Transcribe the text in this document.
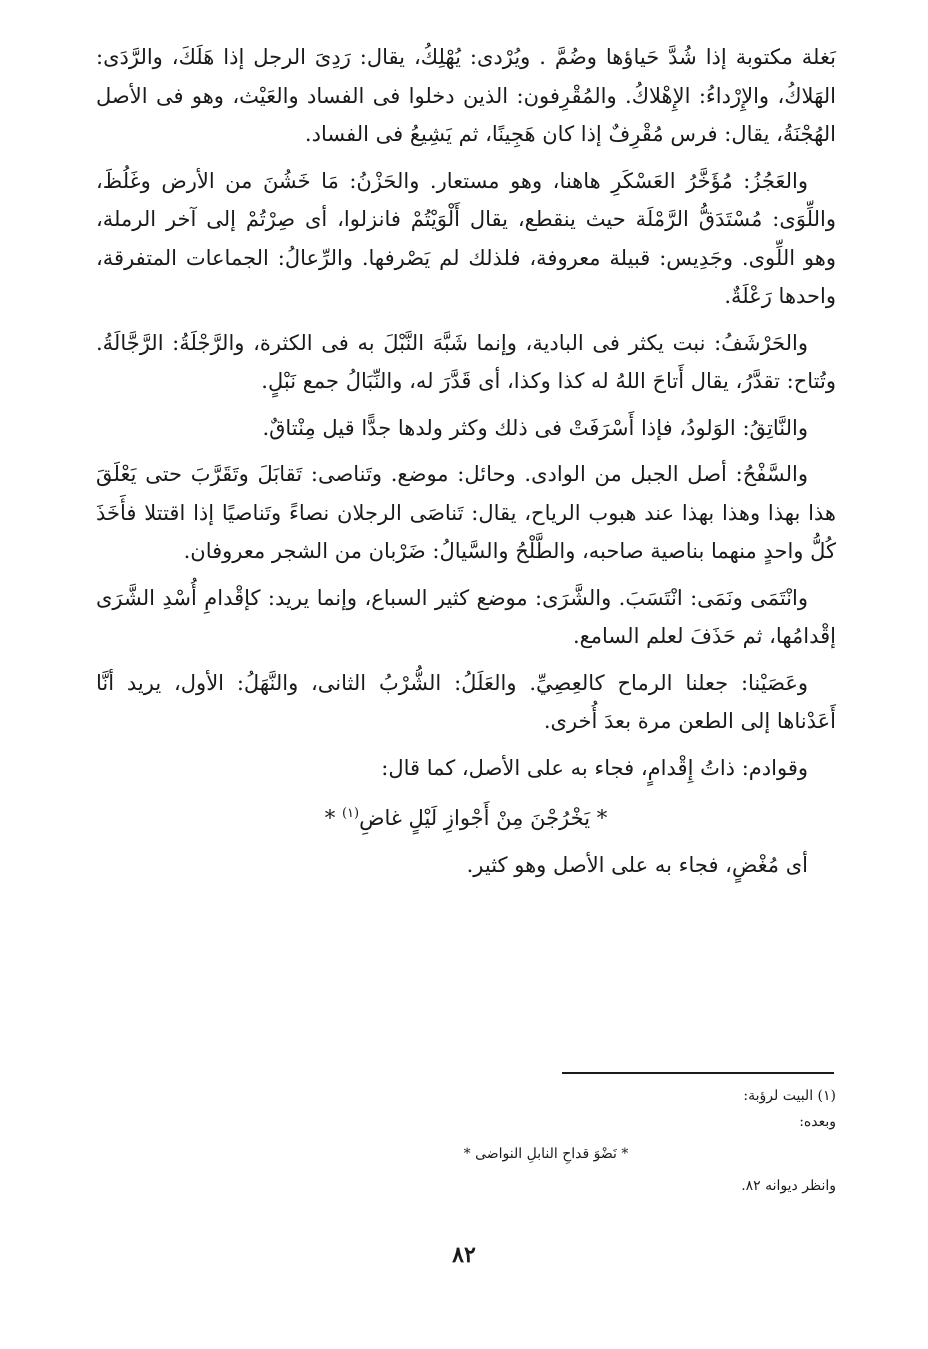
بَغلة مكتوبة إذا شُدَّ حَياؤها وضُمَّ . ويُرْدى: يُهْلِكُ، يقال: رَدِىَ الرجل إذا هَلَكَ، والرَّدَى: الهَلاكُ، والإِرْداءُ: الإِهْلاكُ. والمُقْرِفون: الذين دخلوا فى الفساد والعَيْث، وهو فى الأصل الهُجْنَةُ، يقال: فرس مُقْرِفٌ إذا كان هَجِينًا، ثم يَشِيعُ فى الفساد.

والعَجُزُ: مُؤَخَّرُ العَسْكَرِ هاهنا، وهو مستعار. والحَزْنُ: مَا خَشُنَ من الأرض وغَلُظَ، واللِّوَى: مُسْتَدَقُّ الرَّمْلَة حيث ينقطع، يقال أَلْوَيْتُمْ فانزلوا، أى صِرْتُمْ إلى آخر الرملة، وهو اللِّوى. وجَدِيس: قبيلة معروفة، فلذلك لم يَصْرفها. والرِّعالُ: الجماعات المتفرقة، واحدها رَعْلَةٌ.

والحَرْشَفُ: نبت يكثر فى البادية، وإنما شَبَّهَ النَّبْلَ به فى الكثرة، والرَّجْلَةُ: الرَّجَّالَةُ. وتُتاح: تقدَّرُ، يقال أَتاحَ اللهُ له كذا وكذا، أى قَدَّرَ له، والنِّبَالُ جمع نَبْلٍ.

والنَّاتِقُ: الوَلودُ، فإذا أَسْرَفَتْ فى ذلك وكثر ولدها جدًّا قيل مِنْتاقٌ.

والسَّفْحُ: أصل الجبل من الوادى. وحائل: موضع. وتَناصى: تَقابَلَ وتَقَرَّبَ حتى يَعْلَقَ هذا بهذا وهذا بهذا عند هبوب الرياح، يقال: تَناصَى الرجلان نصاءً وتَناصيًا إذا اقتتلا فأَخَذَ كُلُّ واحدٍ منهما بناصية صاحبه، والطَّلْحُ والسَّيالُ: ضَرْبان من الشجر معروفان.

وانْتَمَى ونَمَى: انْتَسَبَ. والشَّرَى: موضع كثير السباع، وإنما يريد: كإقْدامِ أُسْدِ الشَّرَى إقْدامُها، ثم حَذَفَ لعلم السامع.

وعَصَيْنا: جعلنا الرماح كالعِصِيِّ. والعَلَلُ: الشُّرْبُ الثانى، والنَّهَلُ: الأول، يريد أنَّا أَعَدْناها إلى الطعن مرة بعدَ أُخرى.

وقوادم: ذاتُ إِقْدامٍ، فجاء به على الأصل، كما قال:

* يَخْرُجْنَ مِنْ أَجْوازِ لَيْلٍ غاضِ$^{(١)}$ *

أى مُغْضٍ، فجاء به على الأصل وهو كثير.

(١) البيت لرؤبة:

وبعده:

* نَضْوَ قداحِ النابلِ النواضى *

وانظر ديوانه ٨٢.

٨٢
